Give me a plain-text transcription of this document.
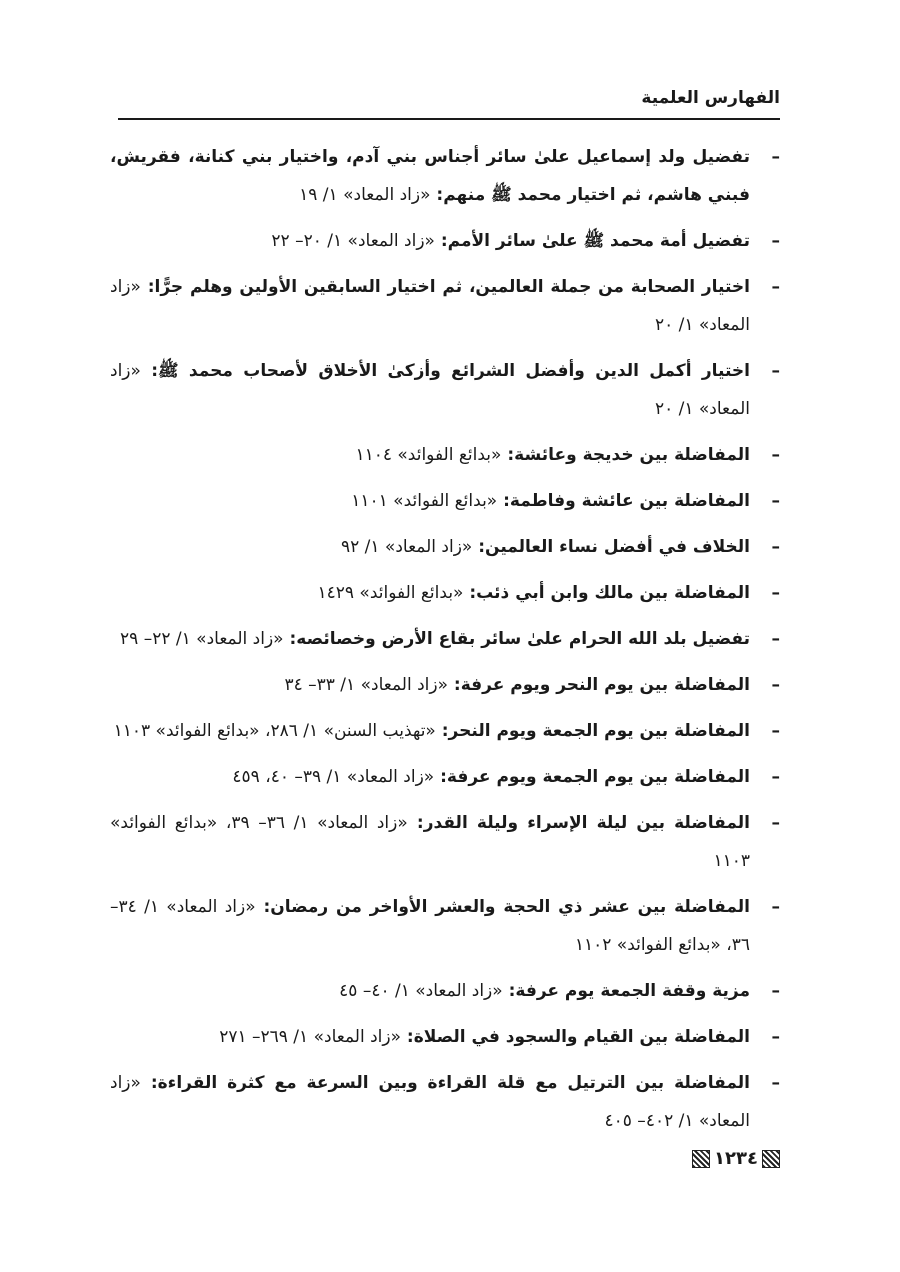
الفهارس العلمية
–
تفضيل ولد إسماعيل علىٰ سائر أجناس بني آدم، واختيار بني كنانة، فقريش، فبني هاشم، ثم اختيار محمد ﷺ منهم: «زاد المعاد» ١/ ١٩
–
تفضيل أمة محمد ﷺ علىٰ سائر الأمم: «زاد المعاد» ١/ ٢٠– ٢٢
–
اختيار الصحابة من جملة العالمين، ثم اختيار السابقين الأولين وهلم جرًّا: «زاد المعاد» ١/ ٢٠
–
اختيار أكمل الدين وأفضل الشرائع وأزكىٰ الأخلاق لأصحاب محمد ﷺ: «زاد المعاد» ١/ ٢٠
–
المفاضلة بين خديجة وعائشة: «بدائع الفوائد» ١١٠٤
–
المفاضلة بين عائشة وفاطمة: «بدائع الفوائد» ١١٠١
–
الخلاف في أفضل نساء العالمين: «زاد المعاد» ١/ ٩٢
–
المفاضلة بين مالك وابن أبي ذئب: «بدائع الفوائد» ١٤٢٩
–
تفضيل بلد الله الحرام علىٰ سائر بقاع الأرض وخصائصه: «زاد المعاد» ١/ ٢٢– ٢٩
–
المفاضلة بين يوم النحر ويوم عرفة: «زاد المعاد» ١/ ٣٣– ٣٤
–
المفاضلة بين يوم الجمعة ويوم النحر: «تهذيب السنن» ١/ ٢٨٦، «بدائع الفوائد» ١١٠٣
–
المفاضلة بين يوم الجمعة ويوم عرفة: «زاد المعاد» ١/ ٣٩– ٤٠، ٤٥٩
–
المفاضلة بين ليلة الإسراء وليلة القدر: «زاد المعاد» ١/ ٣٦– ٣٩، «بدائع الفوائد» ١١٠٣
–
المفاضلة بين عشر ذي الحجة والعشر الأواخر من رمضان: «زاد المعاد» ١/ ٣٤– ٣٦، «بدائع الفوائد» ١١٠٢
–
مزية وقفة الجمعة يوم عرفة: «زاد المعاد» ١/ ٤٠– ٤٥
–
المفاضلة بين القيام والسجود في الصلاة: «زاد المعاد» ١/ ٢٦٩– ٢٧١
–
المفاضلة بين الترتيل مع قلة القراءة وبين السرعة مع كثرة القراءة: «زاد المعاد» ١/ ٤٠٢– ٤٠٥
١٢٣٤
